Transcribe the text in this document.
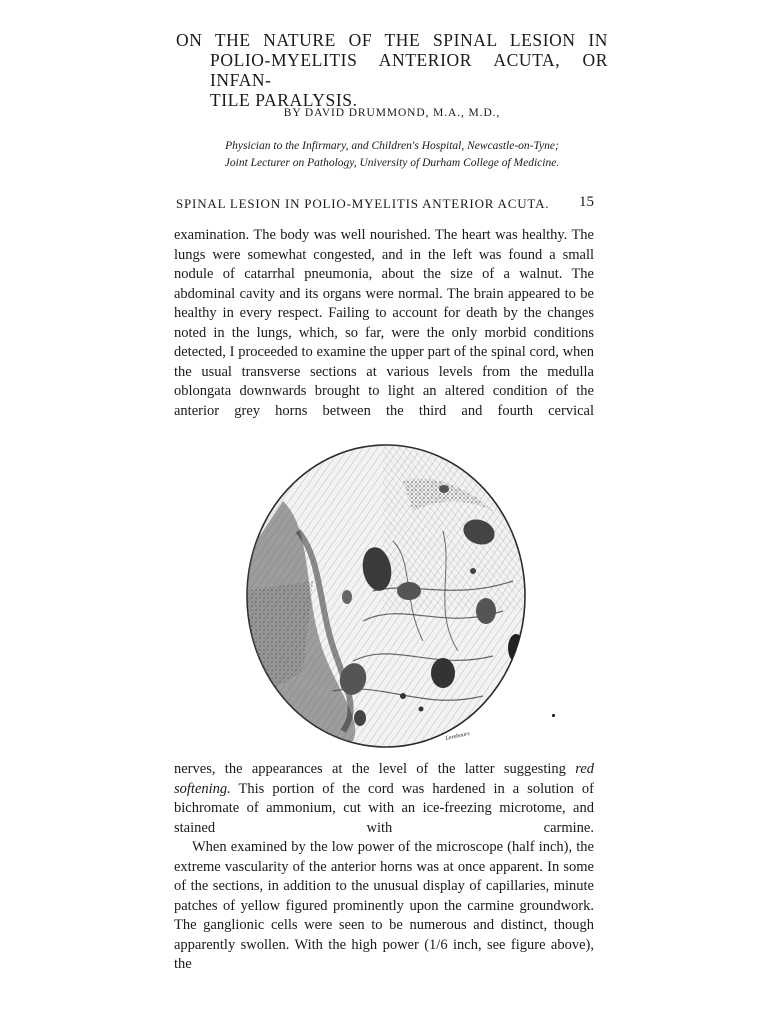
ON THE NATURE OF THE SPINAL LESION IN
POLIO-MYELITIS ANTERIOR ACUTA, OR INFAN-
TILE PARALYSIS.
BY DAVID DRUMMOND, M.A., M.D.,
Physician to the Infirmary, and Children's Hospital, Newcastle-on-Tyne;
Joint Lecturer on Pathology, University of Durham College of Medicine.
SPINAL LESION IN POLIO-MYELITIS ANTERIOR ACUTA. 15

examination. The body was well nourished. The heart was healthy. The lungs were somewhat congested, and in the left was found a small nodule of catarrhal pneumonia, about the size of a walnut. The abdominal cavity and its organs were normal. The brain appeared to be healthy in every respect. Failing to account for death by the changes noted in the lungs, which, so far, were the only morbid conditions detected, I proceeded to examine the upper part of the spinal cord, when the usual transverse sections at various levels from the medulla oblongata downwards brought to light an altered condition of the anterior grey horns between the third and fourth cervical

Lerebours

nerves, the appearances at the level of the latter suggesting red softening. This portion of the cord was hardened in a solution of bichromate of ammonium, cut with an ice-freezing microtome, and stained with carmine.

When examined by the low power of the microscope (half inch), the extreme vascularity of the anterior horns was at once apparent. In some of the sections, in addition to the unusual display of capillaries, minute patches of yellow figured prominently upon the carmine groundwork. The ganglionic cells were seen to be numerous and distinct, though apparently swollen. With the high power (1/6 inch, see figure above), the
